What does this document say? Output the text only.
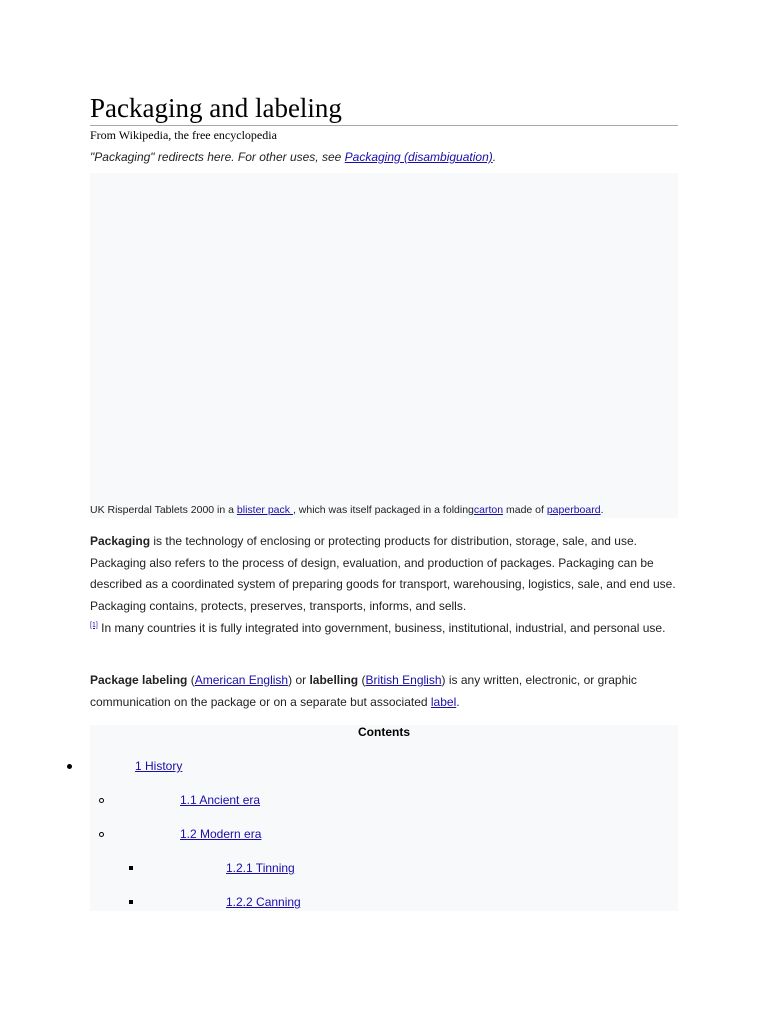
Packaging and labeling
From Wikipedia, the free encyclopedia
"Packaging" redirects here. For other uses, see Packaging (disambiguation).
UK Risperdal Tablets 2000 in a blister pack , which was itself packaged in a foldingcarton made of paperboard.
Packaging is the technology of enclosing or protecting products for distribution, storage, sale, and use. Packaging also refers to the process of design, evaluation, and production of packages. Packaging can be described as a coordinated system of preparing goods for transport, warehousing, logistics, sale, and end use. Packaging contains, protects, preserves, transports, informs, and sells.
[1] In many countries it is fully integrated into government, business, institutional, industrial, and personal use.
Package labeling (American English) or labelling (British English) is any written, electronic, or graphic communication on the package or on a separate but associated label.
Contents
1 History
1.1 Ancient era
1.2 Modern era
1.2.1 Tinning
1.2.2 Canning
